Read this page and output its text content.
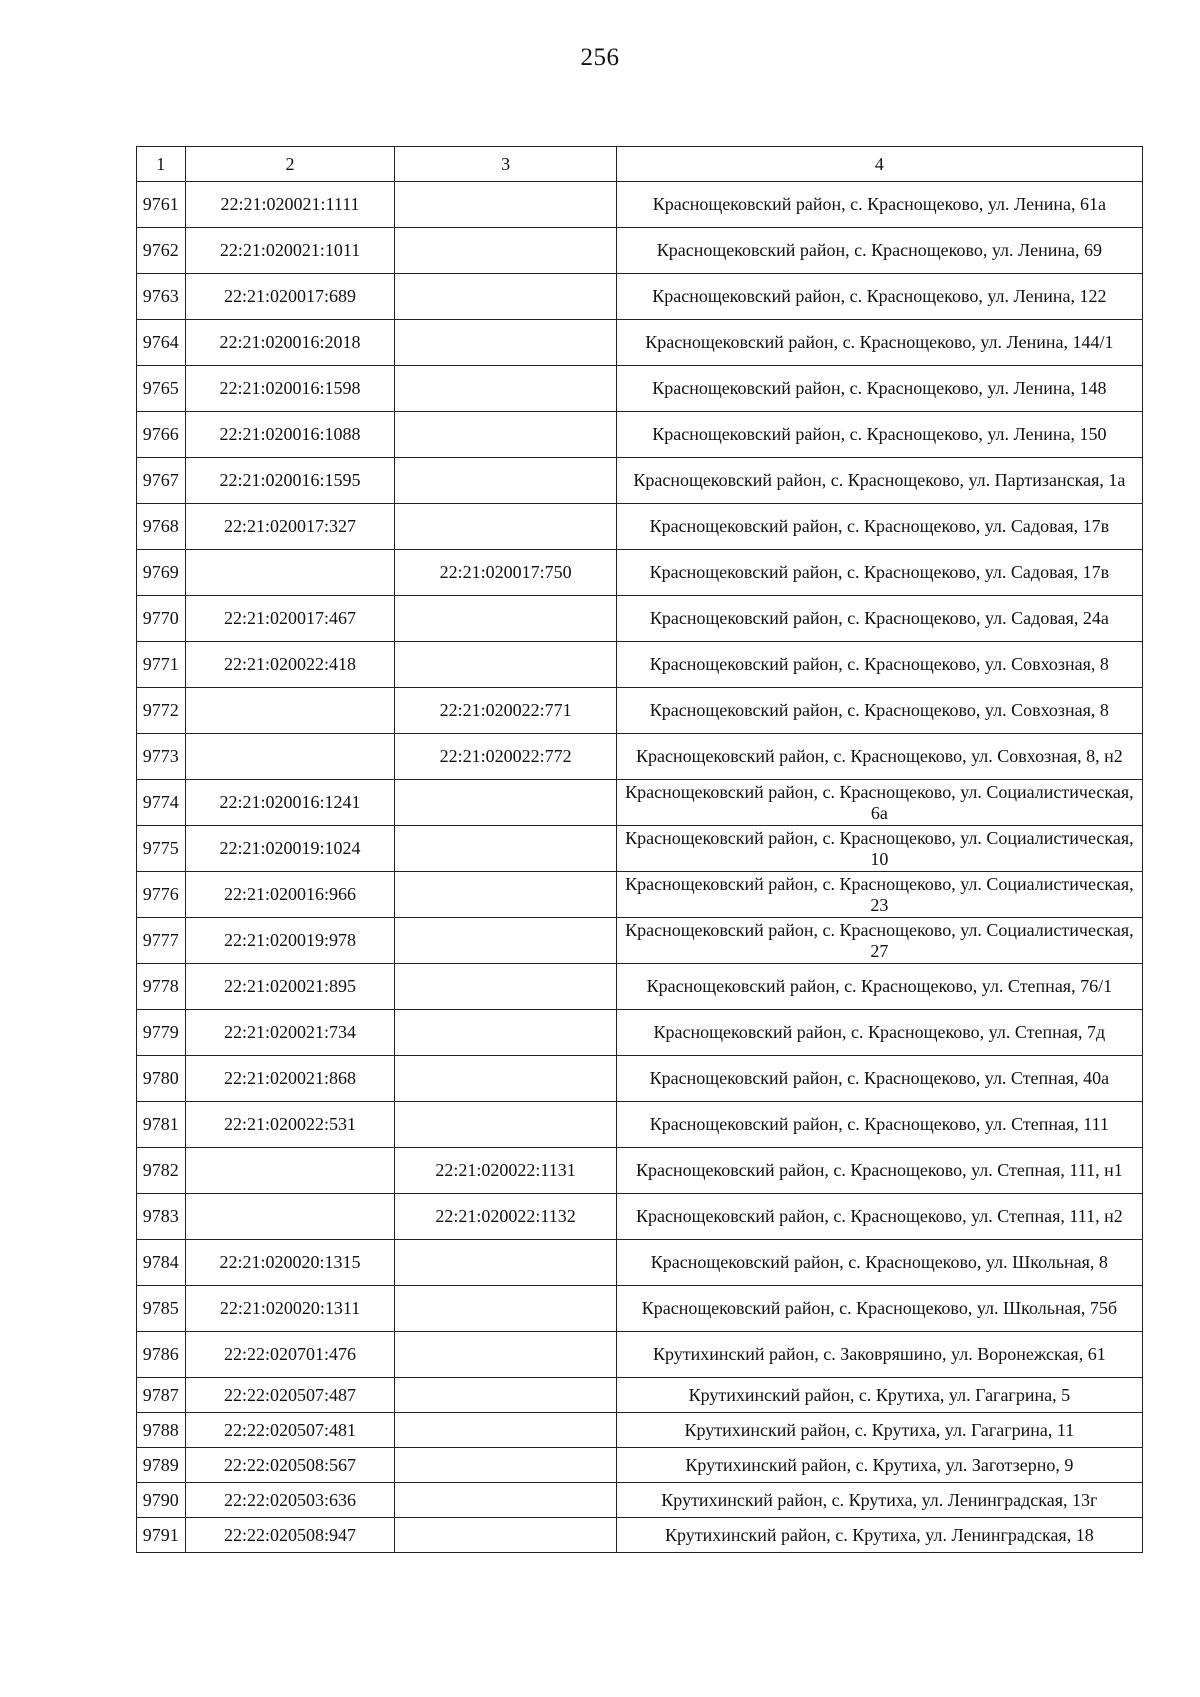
256
1	2	3	4
9761	22:21:020021:1111		Краснощековский район, с. Краснощеково, ул. Ленина, 61а
9762	22:21:020021:1011		Краснощековский район, с. Краснощеково, ул. Ленина, 69
9763	22:21:020017:689		Краснощековский район, с. Краснощеково, ул. Ленина, 122
9764	22:21:020016:2018		Краснощековский район, с. Краснощеково, ул. Ленина, 144/1
9765	22:21:020016:1598		Краснощековский район, с. Краснощеково, ул. Ленина, 148
9766	22:21:020016:1088		Краснощековский район, с. Краснощеково, ул. Ленина, 150
9767	22:21:020016:1595		Краснощековский район, с. Краснощеково, ул. Партизанская, 1а
9768	22:21:020017:327		Краснощековский район, с. Краснощеково, ул. Садовая, 17в
9769		22:21:020017:750	Краснощековский район, с. Краснощеково, ул. Садовая, 17в
9770	22:21:020017:467		Краснощековский район, с. Краснощеково, ул. Садовая, 24а
9771	22:21:020022:418		Краснощековский район, с. Краснощеково, ул. Совхозная, 8
9772		22:21:020022:771	Краснощековский район, с. Краснощеково, ул. Совхозная, 8
9773		22:21:020022:772	Краснощековский район, с. Краснощеково, ул. Совхозная, 8, н2
9774	22:21:020016:1241		Краснощековский район, с. Краснощеково, ул. Социалистическая, 6а
9775	22:21:020019:1024		Краснощековский район, с. Краснощеково, ул. Социалистическая, 10
9776	22:21:020016:966		Краснощековский район, с. Краснощеково, ул. Социалистическая, 23
9777	22:21:020019:978		Краснощековский район, с. Краснощеково, ул. Социалистическая, 27
9778	22:21:020021:895		Краснощековский район, с. Краснощеково, ул. Степная, 76/1
9779	22:21:020021:734		Краснощековский район, с. Краснощеково, ул. Степная, 7д
9780	22:21:020021:868		Краснощековский район, с. Краснощеково, ул. Степная, 40а
9781	22:21:020022:531		Краснощековский район, с. Краснощеково, ул. Степная, 111
9782		22:21:020022:1131	Краснощековский район, с. Краснощеково, ул. Степная, 111, н1
9783		22:21:020022:1132	Краснощековский район, с. Краснощеково, ул. Степная, 111, н2
9784	22:21:020020:1315		Краснощековский район, с. Краснощеково, ул. Школьная, 8
9785	22:21:020020:1311		Краснощековский район, с. Краснощеково, ул. Школьная, 75б
9786	22:22:020701:476		Крутихинский район, с. Заковряшино, ул. Воронежская, 61
9787	22:22:020507:487		Крутихинский район, с. Крутиха, ул. Гагагрина, 5
9788	22:22:020507:481		Крутихинский район, с. Крутиха, ул. Гагагрина, 11
9789	22:22:020508:567		Крутихинский район, с. Крутиха, ул. Заготзерно, 9
9790	22:22:020503:636		Крутихинский район, с. Крутиха, ул. Ленинградская, 13г
9791	22:22:020508:947		Крутихинский район, с. Крутиха, ул. Ленинградская, 18
